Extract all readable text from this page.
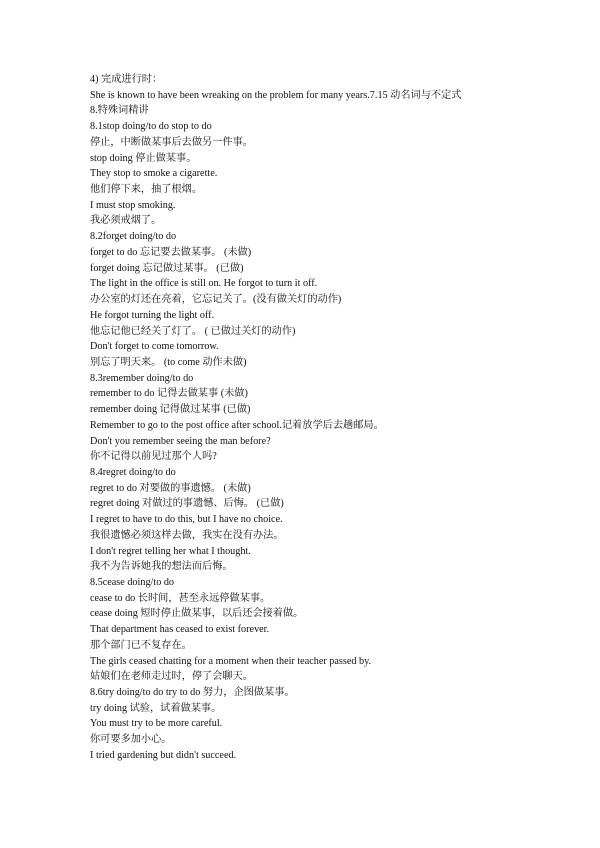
4) 完成进行时：
She is known to have been wreaking on the problem for many years.7.15 动名词与不定式
8.特殊词精讲
8.1stop doing/to do stop to do
停止，中断做某事后去做另一件事。
stop doing 停止做某事。
They stop to smoke a cigarette.
他们停下来，抽了根烟。
I must stop smoking.
我必须戒烟了。
8.2forget doing/to do
forget to do 忘记要去做某事。 (未做)
forget doing 忘记做过某事。 (已做)
The light in the office is still on. He forgot to turn it off.
办公室的灯还在亮着，它忘记关了。(没有做关灯的动作)
He forgot turning the light off.
他忘记他已经关了灯了。 ( 已做过关灯的动作)
Don't forget to come tomorrow.
别忘了明天来。 (to come 动作未做)
8.3remember doing/to do
remember to do 记得去做某事 (未做)
remember doing 记得做过某事 (已做)
Remember to go to the post office after school.记着放学后去趟邮局。
Don't you remember seeing the man before?
你不记得以前见过那个人吗?
8.4regret doing/to do
regret to do 对要做的事遗憾。 (未做)
regret doing 对做过的事遗憾、后悔。 (已做)
I regret to have to do this, but I have no choice.
我很遗憾必须这样去做，我实在没有办法。
I don't regret telling her what I thought.
我不为告诉她我的想法而后悔。
8.5cease doing/to do
cease to do 长时间，甚至永远停做某事。
cease doing 短时停止做某事，以后还会接着做。
That department has ceased to exist forever.
那个部门已不复存在。
The girls ceased chatting for a moment when their teacher passed by.
姑娘们在老师走过时，停了会聊天。
8.6try doing/to do try to do 努力，企图做某事。
try doing 试验，试着做某事。
You must try to be more careful.
你可要多加小心。
I tried gardening but didn't succeed.
